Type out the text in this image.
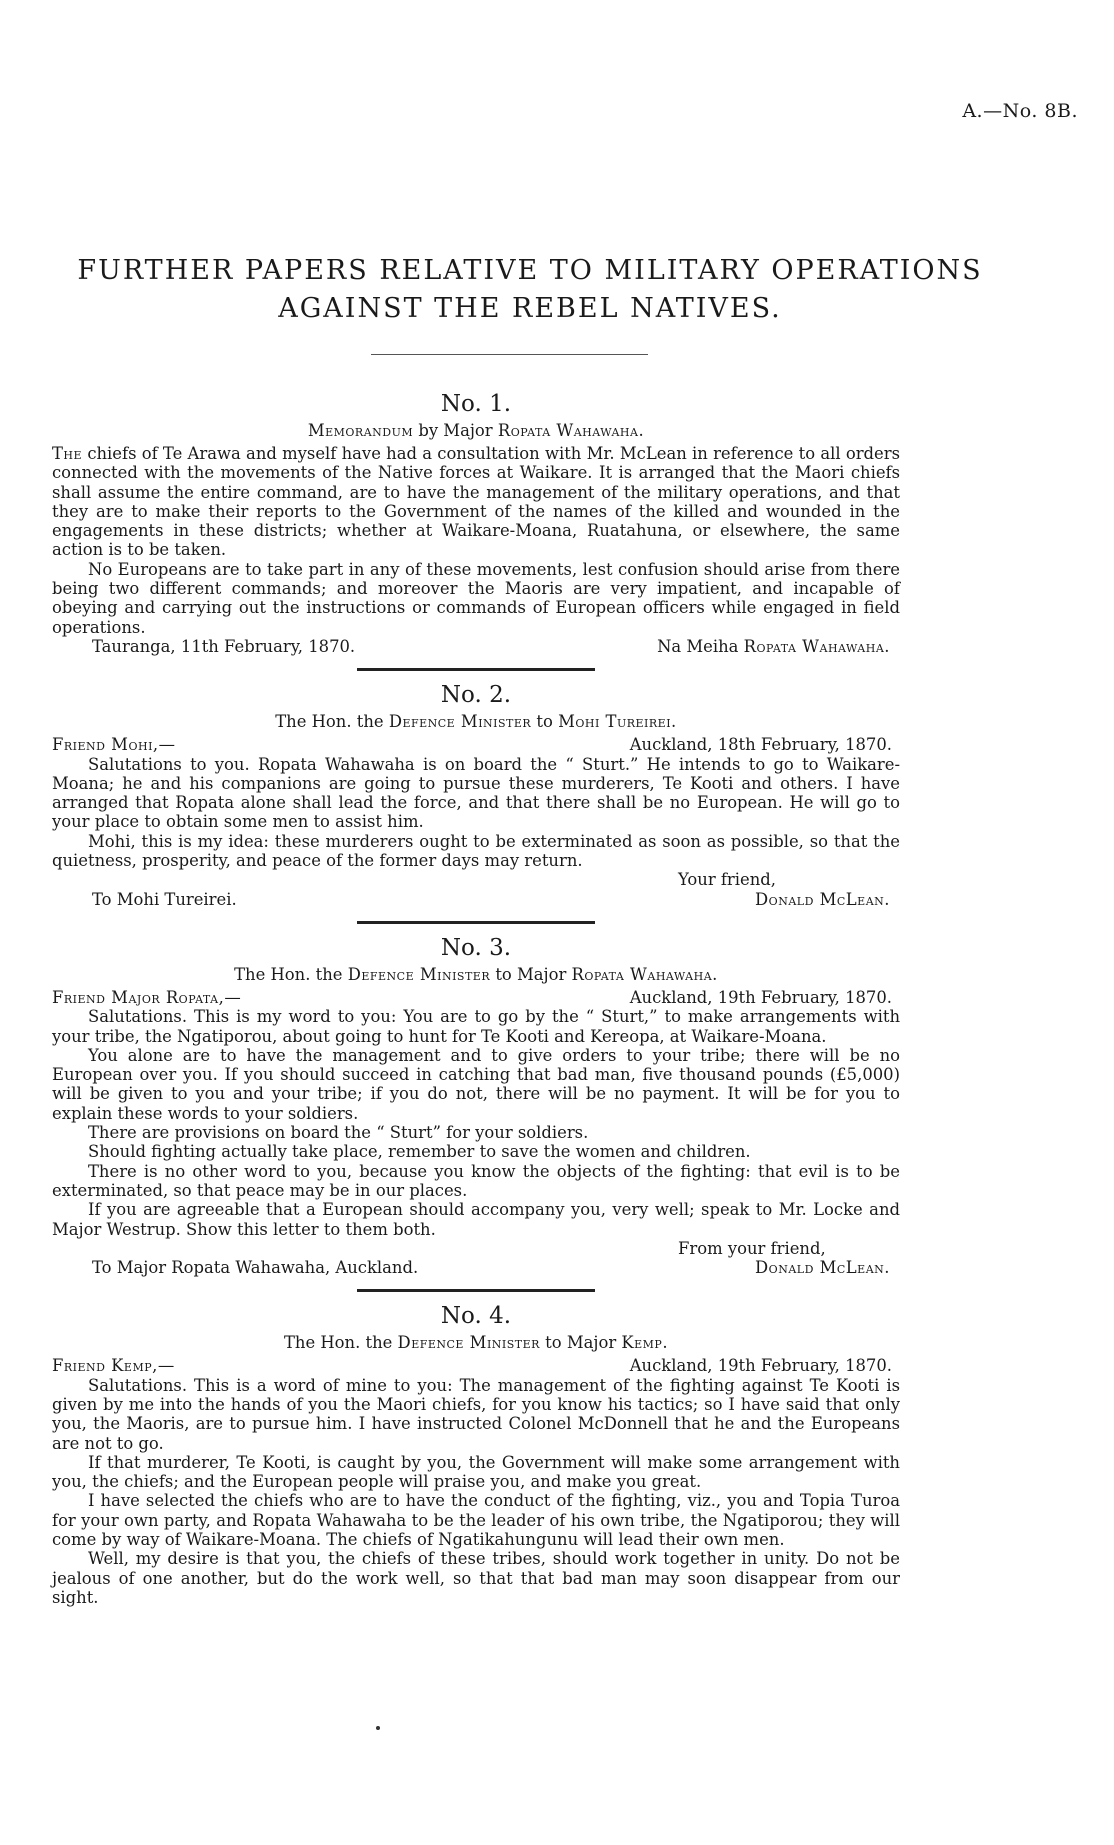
A.—No. 8B.
FURTHER PAPERS RELATIVE TO MILITARY OPERATIONS
AGAINST THE REBEL NATIVES.
No. 1.
Memorandum by Major Ropata Wahawaha.

The chiefs of Te Arawa and myself have had a consultation with Mr. McLean in reference to all orders connected with the movements of the Native forces at Waikare. It is arranged that the Maori chiefs shall assume the entire command, are to have the management of the military operations, and that they are to make their reports to the Government of the names of the killed and wounded in the engagements in these districts; whether at Waikare-Moana, Ruatahuna, or elsewhere, the same action is to be taken.

No Europeans are to take part in any of these movements, lest confusion should arise from there being two different commands; and moreover the Maoris are very impatient, and incapable of obeying and carrying out the instructions or commands of European officers while engaged in field operations.

Tauranga, 11th February, 1870.	Na Meiha Ropata Wahawaha.
No. 2.
The Hon. the Defence Minister to Mohi Tureirei.
Friend Mohi,—	Auckland, 18th February, 1870.

Salutations to you. Ropata Wahawaha is on board the “ Sturt.” He intends to go to Waikare-Moana; he and his companions are going to pursue these murderers, Te Kooti and others. I have arranged that Ropata alone shall lead the force, and that there shall be no European. He will go to your place to obtain some men to assist him.

Mohi, this is my idea: these murderers ought to be exterminated as soon as possible, so that the quietness, prosperity, and peace of the former days may return.

Your friend,
To Mohi Tureirei.	Donald McLean.
No. 3.
The Hon. the Defence Minister to Major Ropata Wahawaha.
Friend Major Ropata,—	Auckland, 19th February, 1870.

Salutations. This is my word to you: You are to go by the “ Sturt,” to make arrangements with your tribe, the Ngatiporou, about going to hunt for Te Kooti and Kereopa, at Waikare-Moana.

You alone are to have the management and to give orders to your tribe; there will be no European over you. If you should succeed in catching that bad man, five thousand pounds (£5,000) will be given to you and your tribe; if you do not, there will be no payment. It will be for you to explain these words to your soldiers.

There are provisions on board the “ Sturt” for your soldiers.

Should fighting actually take place, remember to save the women and children.

There is no other word to you, because you know the objects of the fighting: that evil is to be exterminated, so that peace may be in our places.

If you are agreeable that a European should accompany you, very well; speak to Mr. Locke and Major Westrup. Show this letter to them both.

From your friend,
To Major Ropata Wahawaha, Auckland.	Donald McLean.
No. 4.
The Hon. the Defence Minister to Major Kemp.
Friend Kemp,—	Auckland, 19th February, 1870.

Salutations. This is a word of mine to you: The management of the fighting against Te Kooti is given by me into the hands of you the Maori chiefs, for you know his tactics; so I have said that only you, the Maoris, are to pursue him. I have instructed Colonel McDonnell that he and the Europeans are not to go.

If that murderer, Te Kooti, is caught by you, the Government will make some arrangement with you, the chiefs; and the European people will praise you, and make you great.

I have selected the chiefs who are to have the conduct of the fighting, viz., you and Topia Turoa for your own party, and Ropata Wahawaha to be the leader of his own tribe, the Ngatiporou; they will come by way of Waikare-Moana. The chiefs of Ngatikahungunu will lead their own men.

Well, my desire is that you, the chiefs of these tribes, should work together in unity. Do not be jealous of one another, but do the work well, so that that bad man may soon disappear from our sight.
